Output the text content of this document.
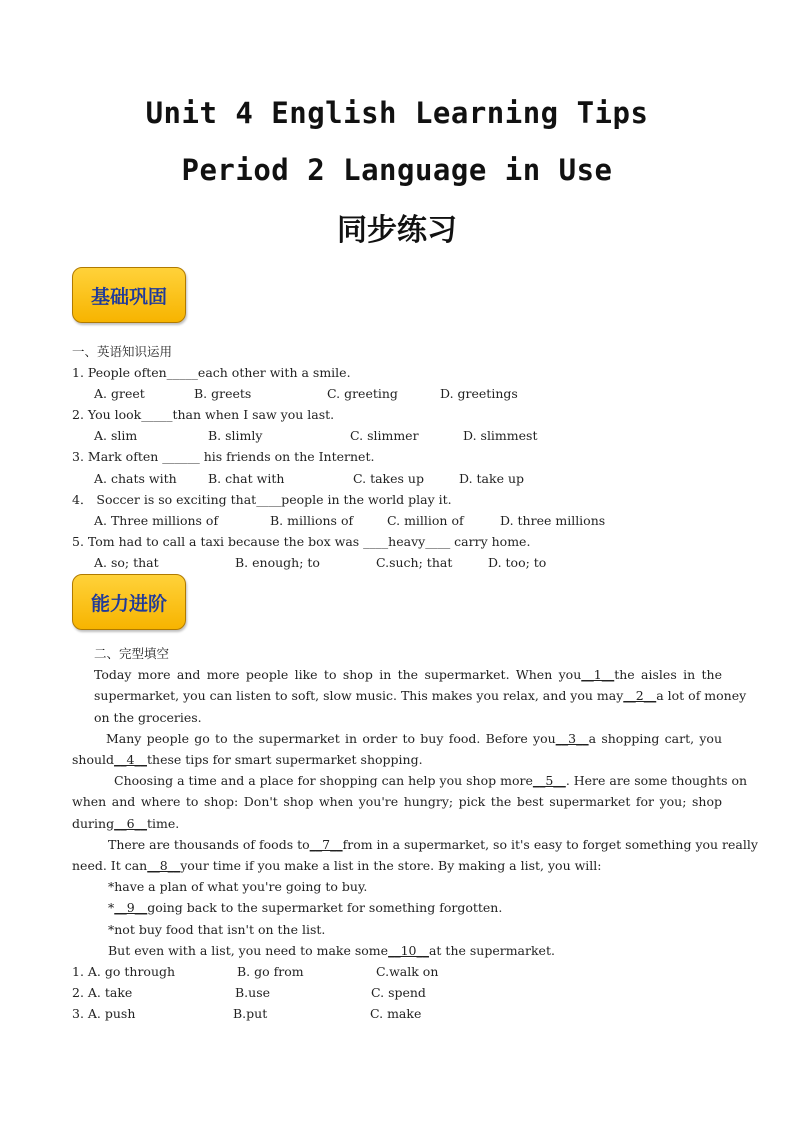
Unit 4 English Learning Tips
Period 2 Language in Use
同步练习
基础巩固
一、英语知识运用
1. People often_____each other with a smile.
A. greet	B. greets	C. greeting	D. greetings
2. You look_____than when I saw you last.
A. slim	B. slimly	C. slimmer	D. slimmest
3. Mark often ______ his friends on the Internet.
A. chats with	B. chat with	C. takes up	D. take up
4． Soccer is so exciting that____people in the world play it.
A. Three millions of	B. millions of	C. million of	D. three millions
5. Tom had to call a taxi because the box was ____heavy____ carry home.
A. so; that	B. enough; to	C.such; that	D. too; to
能力进阶
二、完型填空
Today more and more people like to shop in the supermarket. When you__1__the aisles in the
supermarket, you can listen to soft, slow music. This makes you relax, and you may__2__a lot of money
on the groceries.
Many people go to the supermarket in order to buy food. Before you__3__a shopping cart, you
should__4__these tips for smart supermarket shopping.
Choosing a time and a place for shopping can help you shop more__5__. Here are some thoughts on
when and where to shop: Don't shop when you're hungry; pick the best supermarket for you; shop
during__6__time.
There are thousands of foods to__7__from in a supermarket, so it's easy to forget something you really
need. It can__8__your time if you make a list in the store. By making a list, you will:
*have a plan of what you're going to buy.
*__9__going back to the supermarket for something forgotten.
*not buy food that isn't on the list.
But even with a list, you need to make some__10__at the supermarket.
1. A. go through	B. go from	C.walk on
2. A. take	B.use	C. spend
3. A. push	B.put	C. make
